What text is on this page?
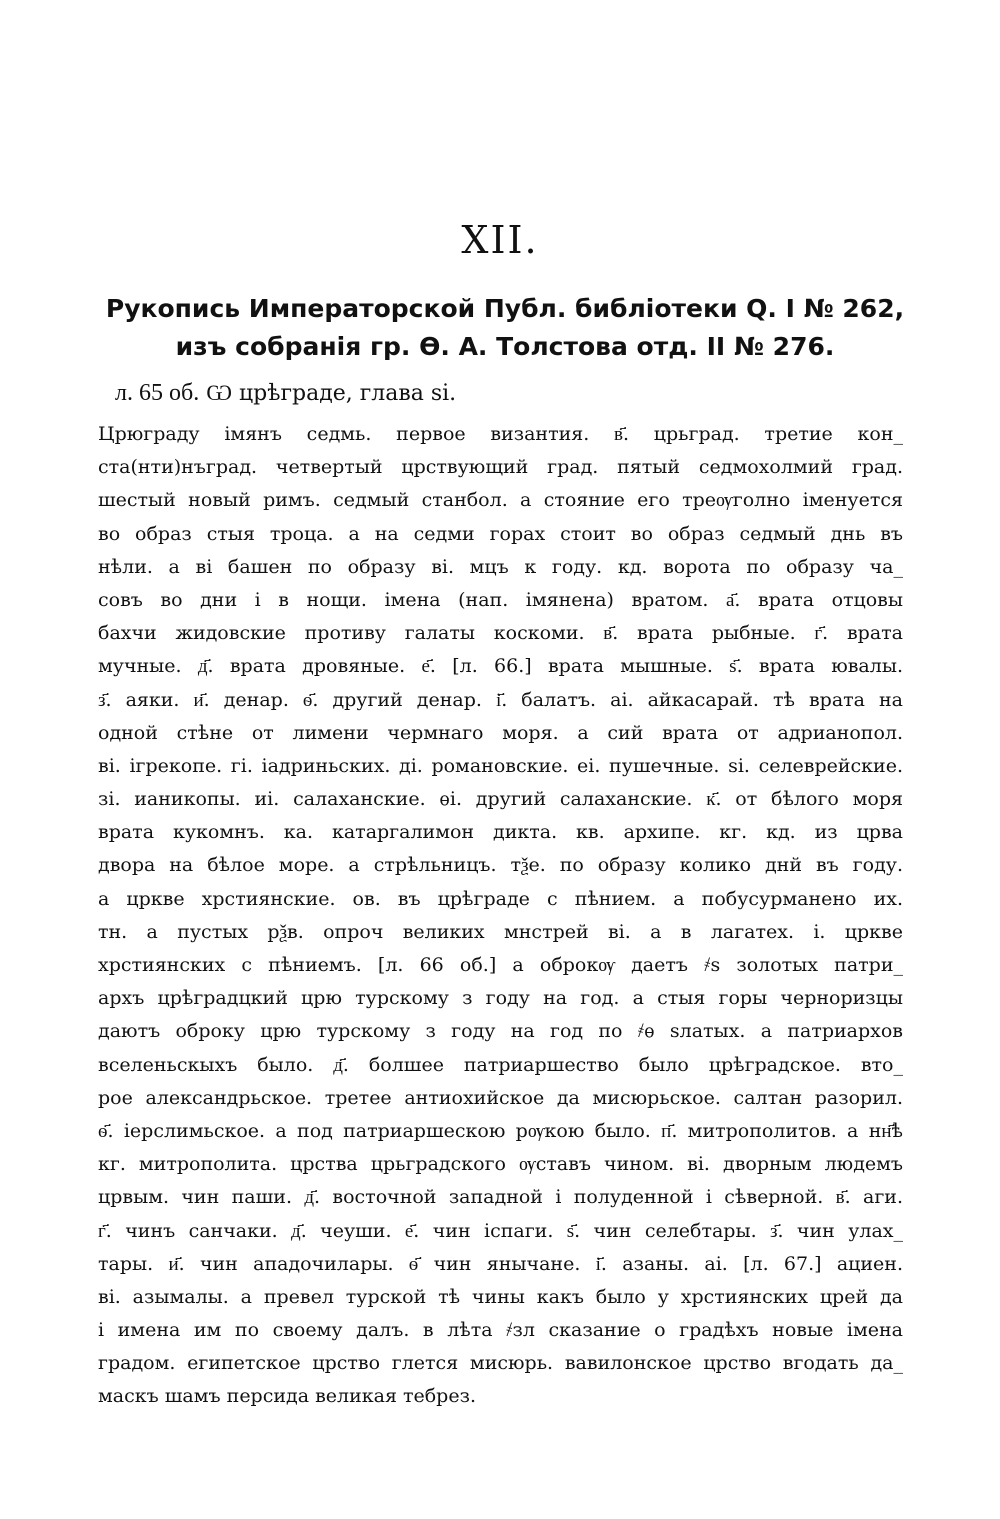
XII.
Рукопись Императорской Публ. библіотеки Q. I № 262,
изъ собранія гр. Ѳ. А. Толстова отд. II № 276.
л. 65 об. Ѡ црѣграде, глава ѕі.
Црюграду імянъ седмь. первое византия. в҃. црьград. третие кон_
ста(нти)нъград. четвертый црствующий град. пятый седмохолмий град.
шестый новый римъ. седмый станбол. а стояние его треѹголно іменуется
во образ стыя троца. а на седми горах стоит во образ седмый днь въ
нѣли. а ві башен по образу ві. мцъ к году. кд. ворота по образу ча_
совъ во дни і в нощи. імена (нап. імянена) вратом. а҃. врата отцовы
бахчи жидовские противу галаты коскоми. в҃. врата рыбные. г҃. врата
мучные. д҃. врата дровяные. е҃. [л. 66.] врата мышные. ѕ҃. врата ювалы.
з҃. аяки. и҃. денар. ѳ҃. другий денар. і҃. балатъ. аі. айкасарай. тѣ врата на
одной стѣне от лимени чермнаго моря. а сий врата от адрианопол.
ві. ігрекопе. гі. іадриньских. ді. романовские. еі. пушечные. ѕі. селеврейские.
зі. ианикопы. иі. салаханские. ѳі. другий салаханские. к҃. от бѣлого моря
врата кукомнъ. ка. катаргалимон дикта. кв. архипе. кг. кд. из црва
двора на бѣлое море. а стрѣльницъ. тѯе. по образу колико днй въ году.
а цркве хрстиянские. ов. въ црѣграде с пѣнием. а побусурманено их.
тн. а пустых рѯв. опроч великих мнстрей ві. а в лагатех. і. цркве
хрстиянских с пѣниемъ. [л. 66 об.] а оброкѹ даетъ ҂ѕ золотых патри_
архъ црѣградцкий црю турскому з году на год. а стыя горы черноризцы
даютъ оброку црю турскому з году на год по ҂ѳ ѕлатых. а патриархов
вселеньскыхъ было. д҃. болшее патриаршество было црѣградское. вто_
рое александрьское. третее антиохийское да мисюрьское. салтан разорил.
ѳ҃. іерслимьское. а под патриаршескою рѹкою было. п҃. митрополитов. а нн҃ѣ
кг. митрополита. црства црьградского ѹставъ чином. ві. дворным людемъ
црвым. чин паши. д҃. восточной западной і полуденной і сѣверной. в҃. аги.
г҃. чинъ санчаки. д҃. чеуши. е҃. чин іспаги. ѕ҃. чин селебтары. з҃. чин улах_
тары. и҃. чин ападочилары. ѳ҃ чин янычане. і҃. азаны. аі. [л. 67.] ациен.
ві. азымалы. а превел турской тѣ чины какъ было у хрстиянских црей да
і имена им по своему далъ. в лѣта ҂зл сказание о градѣхъ новые імена
градом. египетское црство глется мисюрь. вавилонское црство вгодать да_
маскъ шамъ персида великая тебрез.
